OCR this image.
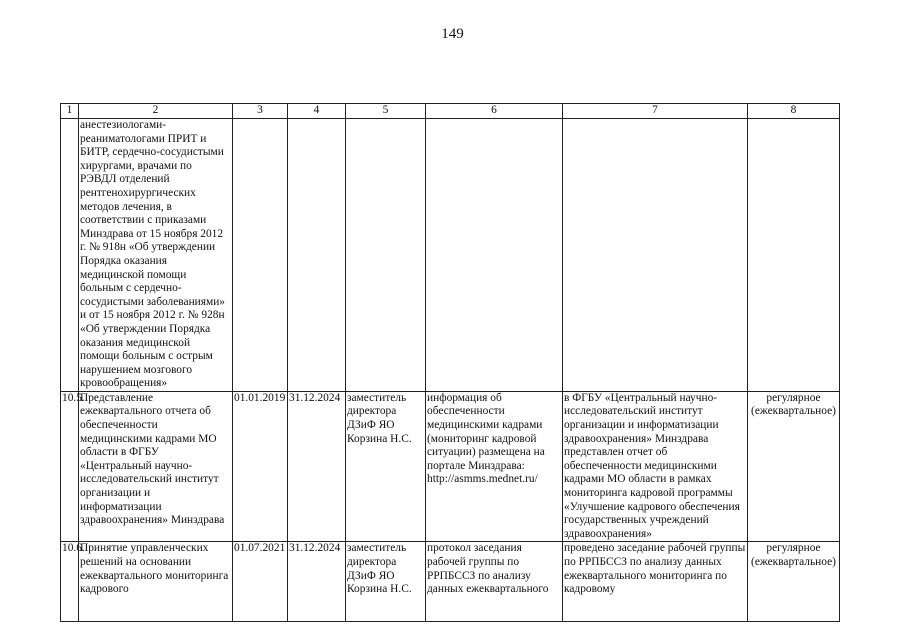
149
1	2	3	4	5	6	7	8
	анестезиологами-реаниматологами ПРИТ и БИТР, сердечно-сосудистыми хирургами, врачами по РЭВДЛ отделений рентгенохирургических методов лечения, в соответствии с приказами Минздрава от 15 ноября 2012 г. № 918н «Об утверждении Порядка оказания медицинской помощи больным с сердечно-сосудистыми заболеваниями» и от 15 ноября 2012 г. № 928н «Об утверждении Порядка оказания медицинской помощи больным с острым нарушением мозгового кровообращения»						
10.5.	Представление ежеквартального отчета об обеспеченности медицинскими кадрами МО области в ФГБУ «Центральный научно-исследовательский институт организации и информатизации здравоохранения» Минздрава	01.01.2019	31.12.2024	заместитель директора ДЗиФ ЯО Корзина Н.С.	информация об обеспеченности медицинскими кадрами (мониторинг кадровой ситуации) размещена на портале Минздрава: http://asmms.mednet.ru/	в ФГБУ «Центральный научно-исследовательский институт организации и информатизации здравоохранения» Минздрава представлен отчет об обеспеченности медицинскими кадрами МО области в рамках мониторинга кадровой программы «Улучшение кадрового обеспечения государственных учреждений здравоохранения»	регулярное (ежеквартальное)
10.6.	Принятие управленческих решений на основании ежеквартального мониторинга кадрового	01.07.2021	31.12.2024	заместитель директора ДЗиФ ЯО Корзина Н.С.	протокол заседания рабочей группы по РРПБССЗ по анализу данных ежеквартального	проведено заседание рабочей группы по РРПБССЗ по анализу данных ежеквартального мониторинга по кадровому	регулярное (ежеквартальное)
